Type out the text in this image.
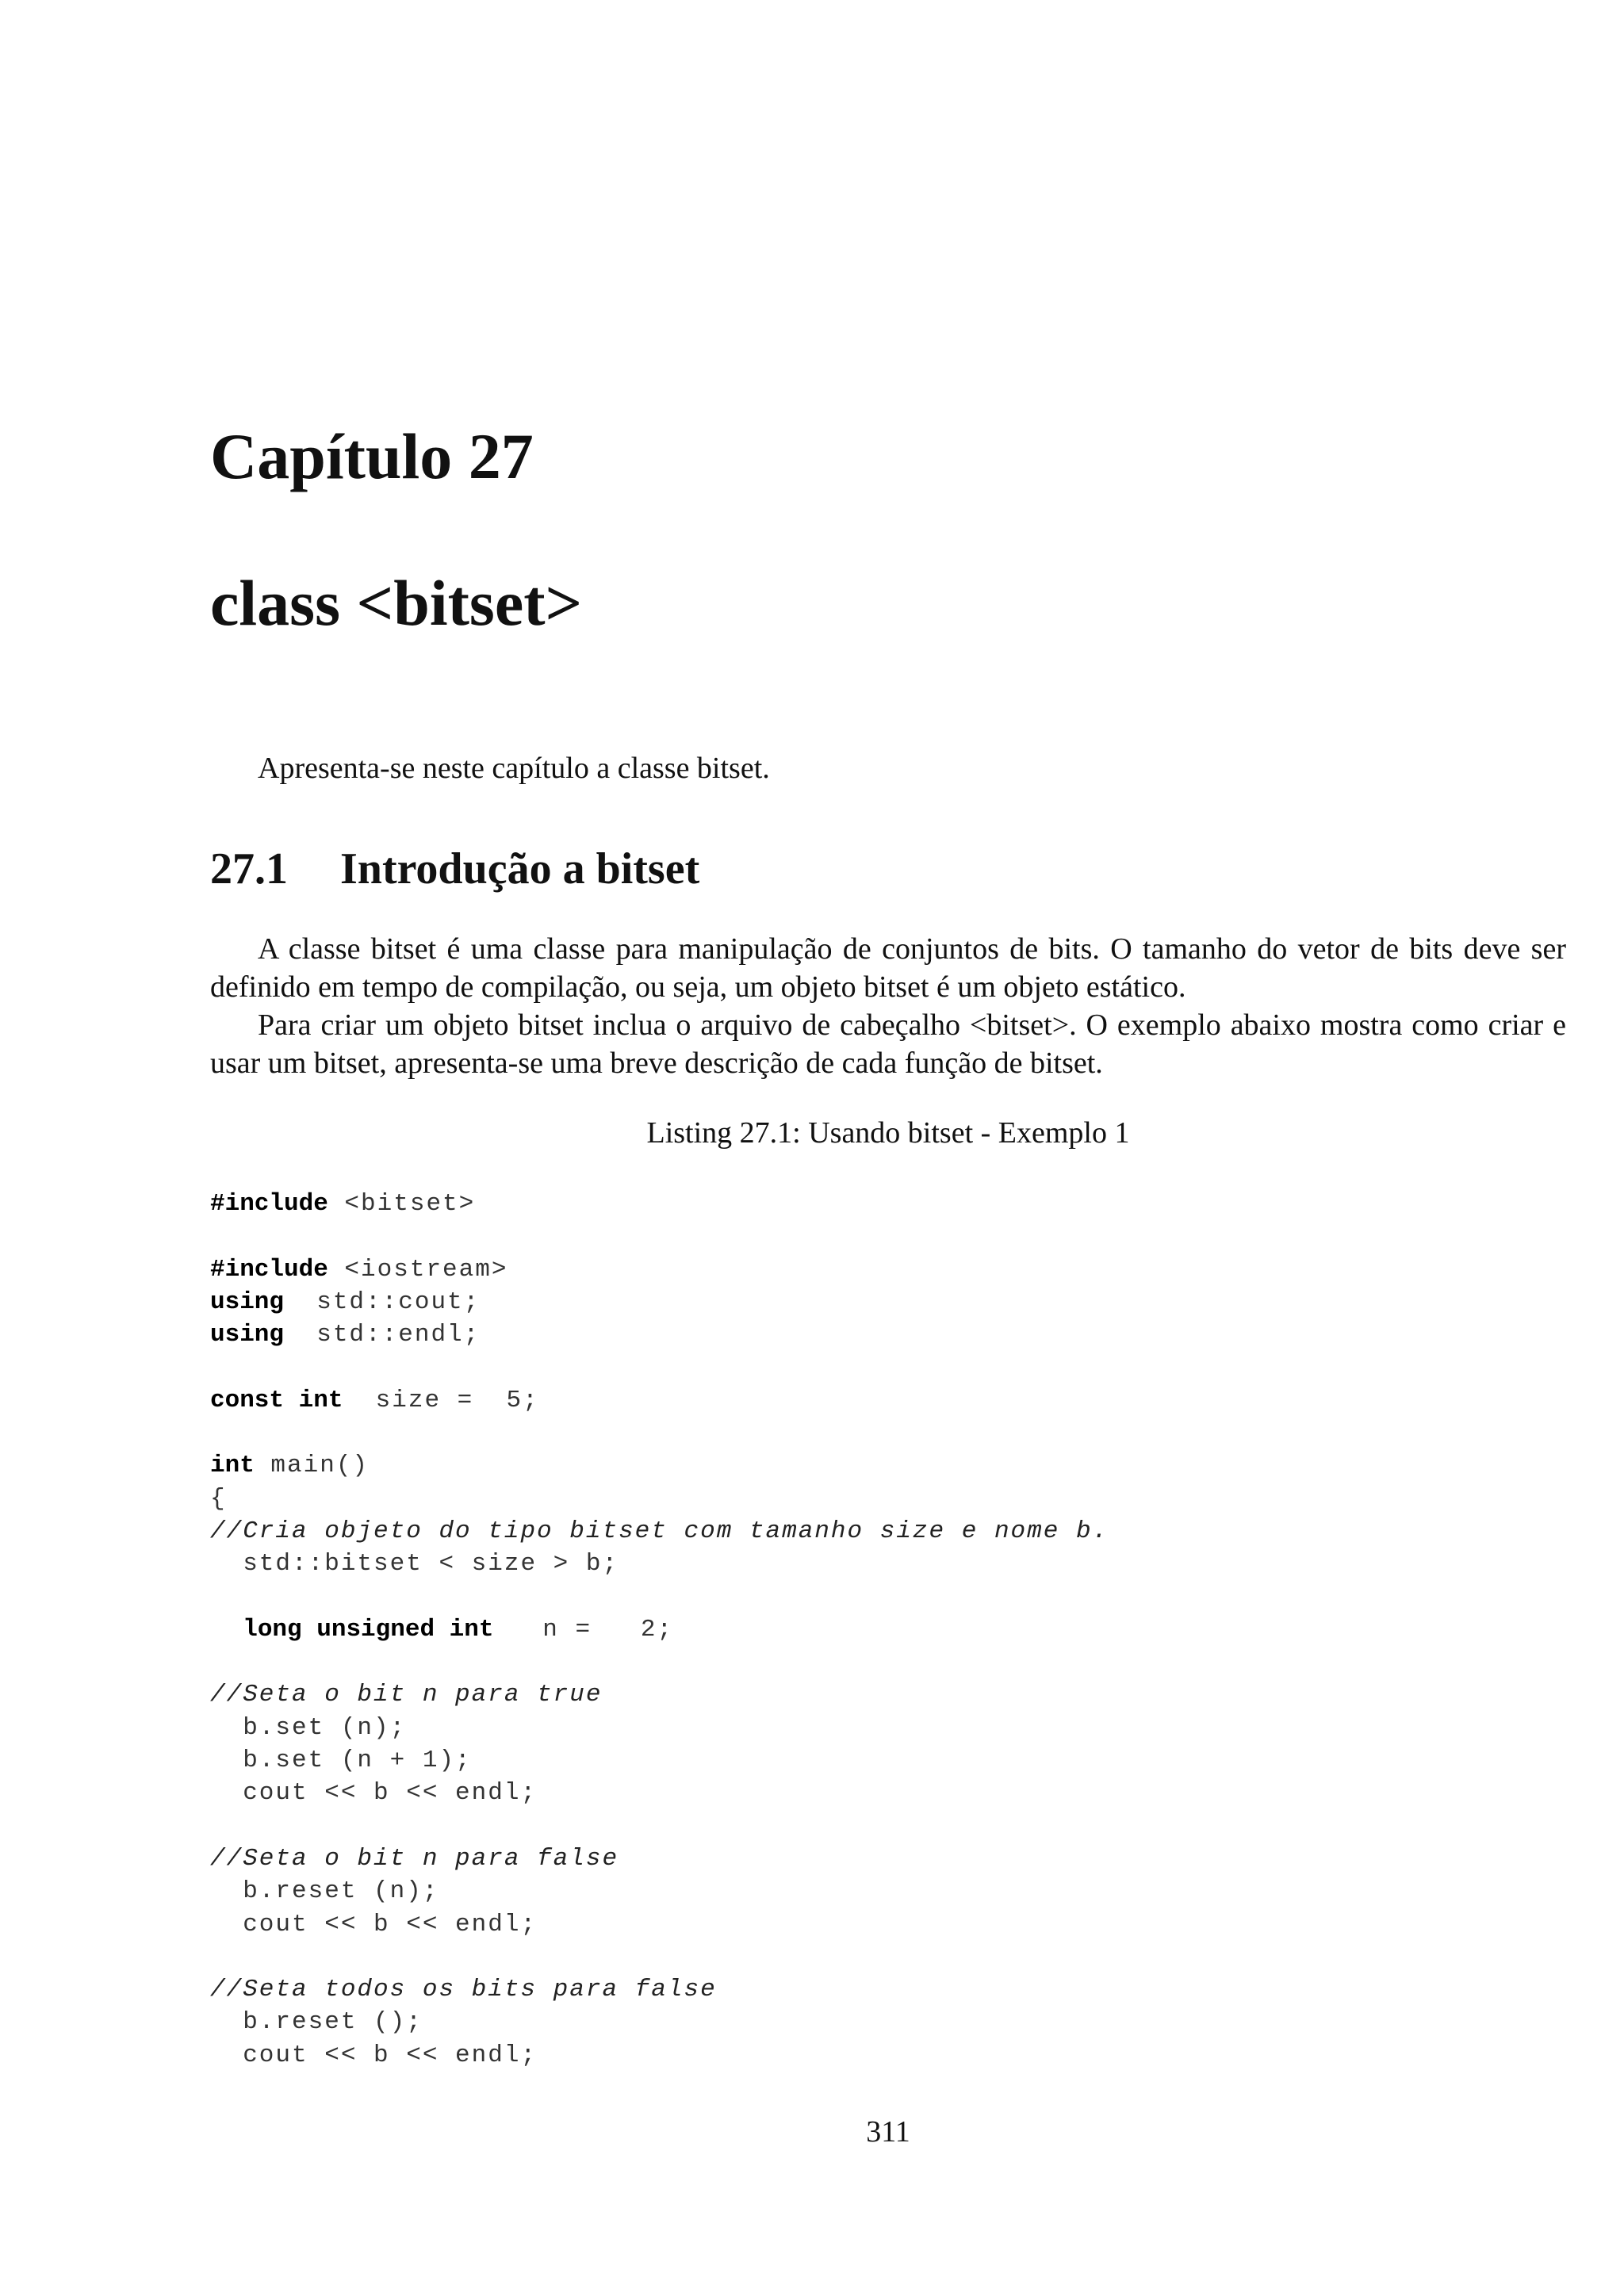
Capítulo 27
class <bitset>
Apresenta-se neste capítulo a classe bitset.
27.1 Introdução a bitset

A classe bitset é uma classe para manipulação de conjuntos de bits. O tamanho do vetor de bits deve ser definido em tempo de compilação, ou seja, um objeto bitset é um objeto estático.

Para criar um objeto bitset inclua o arquivo de cabeçalho <bitset>. O exemplo abaixo mostra como criar e usar um bitset, apresenta-se uma breve descrição de cada função de bitset.

Listing 27.1: Usando bitset - Exemplo 1
#include <bitset>
#include <iostream>
using  std::cout;
using  std::endl;
const int  size =  5;
int main()
{
//Cria objeto do tipo bitset com tamanho size e nome b.
std::bitset < size > b;
long unsigned int   n =   2;
//Seta o bit n para true
b.set (n);
b.set (n + 1);
cout << b << endl;
//Seta o bit n para false
b.reset (n);
cout << b << endl;
//Seta todos os bits para false
b.reset ();
cout << b << endl;
311
